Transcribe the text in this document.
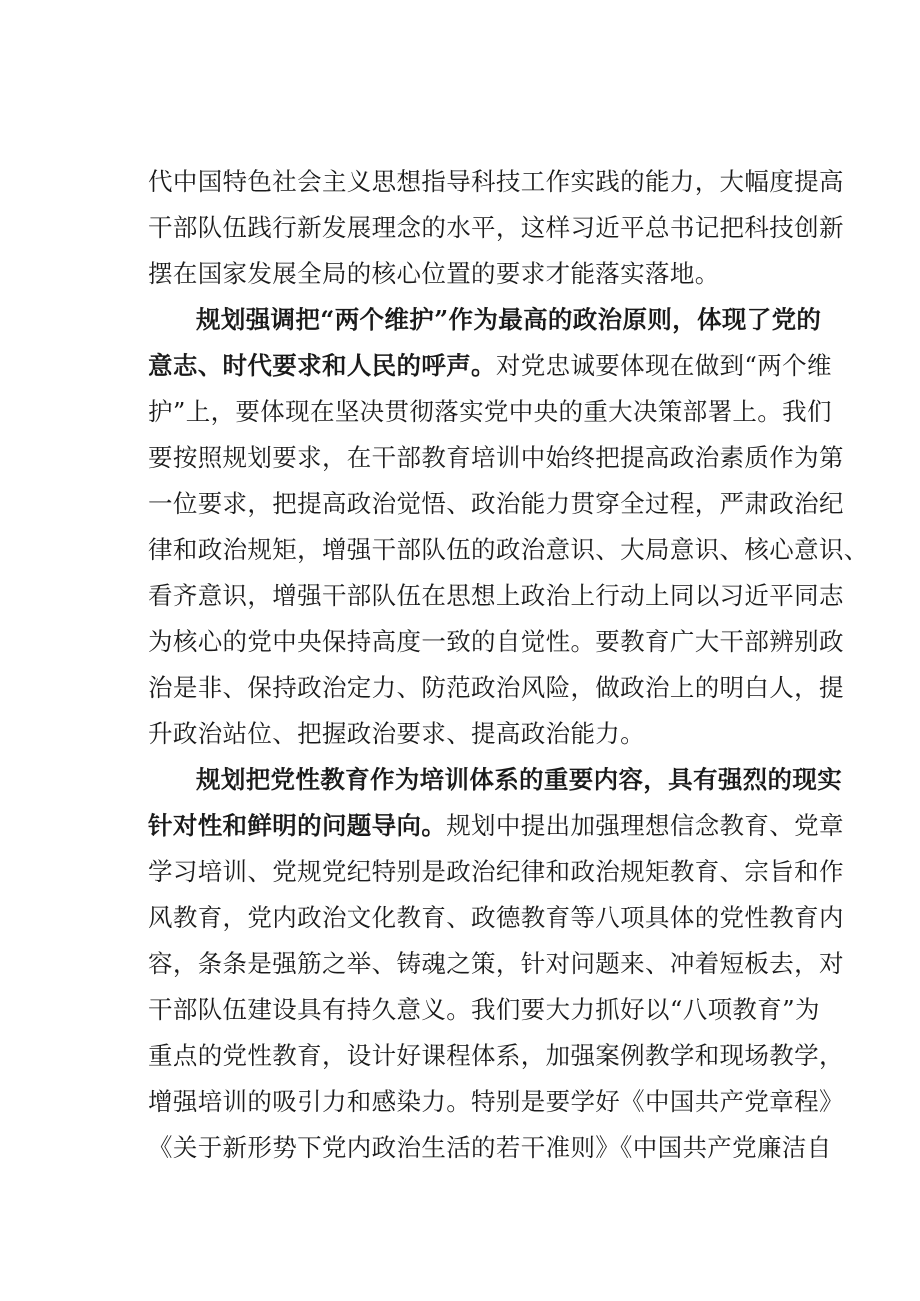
代中国特色社会主义思想指导科技工作实践的能力，大幅度提高
干部队伍践行新发展理念的水平，这样习近平总书记把科技创新
摆在国家发展全局的核心位置的要求才能落实落地。
规划强调把“两个维护”作为最高的政治原则，体现了党的
意志、时代要求和人民的呼声。对党忠诚要体现在做到“两个维
护”上，要体现在坚决贯彻落实党中央的重大决策部署上。我们
要按照规划要求，在干部教育培训中始终把提高政治素质作为第
一位要求，把提高政治觉悟、政治能力贯穿全过程，严肃政治纪
律和政治规矩，增强干部队伍的政治意识、大局意识、核心意识、
看齐意识，增强干部队伍在思想上政治上行动上同以习近平同志
为核心的党中央保持高度一致的自觉性。要教育广大干部辨别政
治是非、保持政治定力、防范政治风险，做政治上的明白人，提
升政治站位、把握政治要求、提高政治能力。
规划把党性教育作为培训体系的重要内容，具有强烈的现实
针对性和鲜明的问题导向。规划中提出加强理想信念教育、党章
学习培训、党规党纪特别是政治纪律和政治规矩教育、宗旨和作
风教育，党内政治文化教育、政德教育等八项具体的党性教育内
容，条条是强筋之举、铸魂之策，针对问题来、冲着短板去，对
干部队伍建设具有持久意义。我们要大力抓好以“八项教育”为
重点的党性教育，设计好课程体系，加强案例教学和现场教学，
增强培训的吸引力和感染力。特别是要学好《中国共产党章程》
《关于新形势下党内政治生活的若干准则》《中国共产党廉洁自
